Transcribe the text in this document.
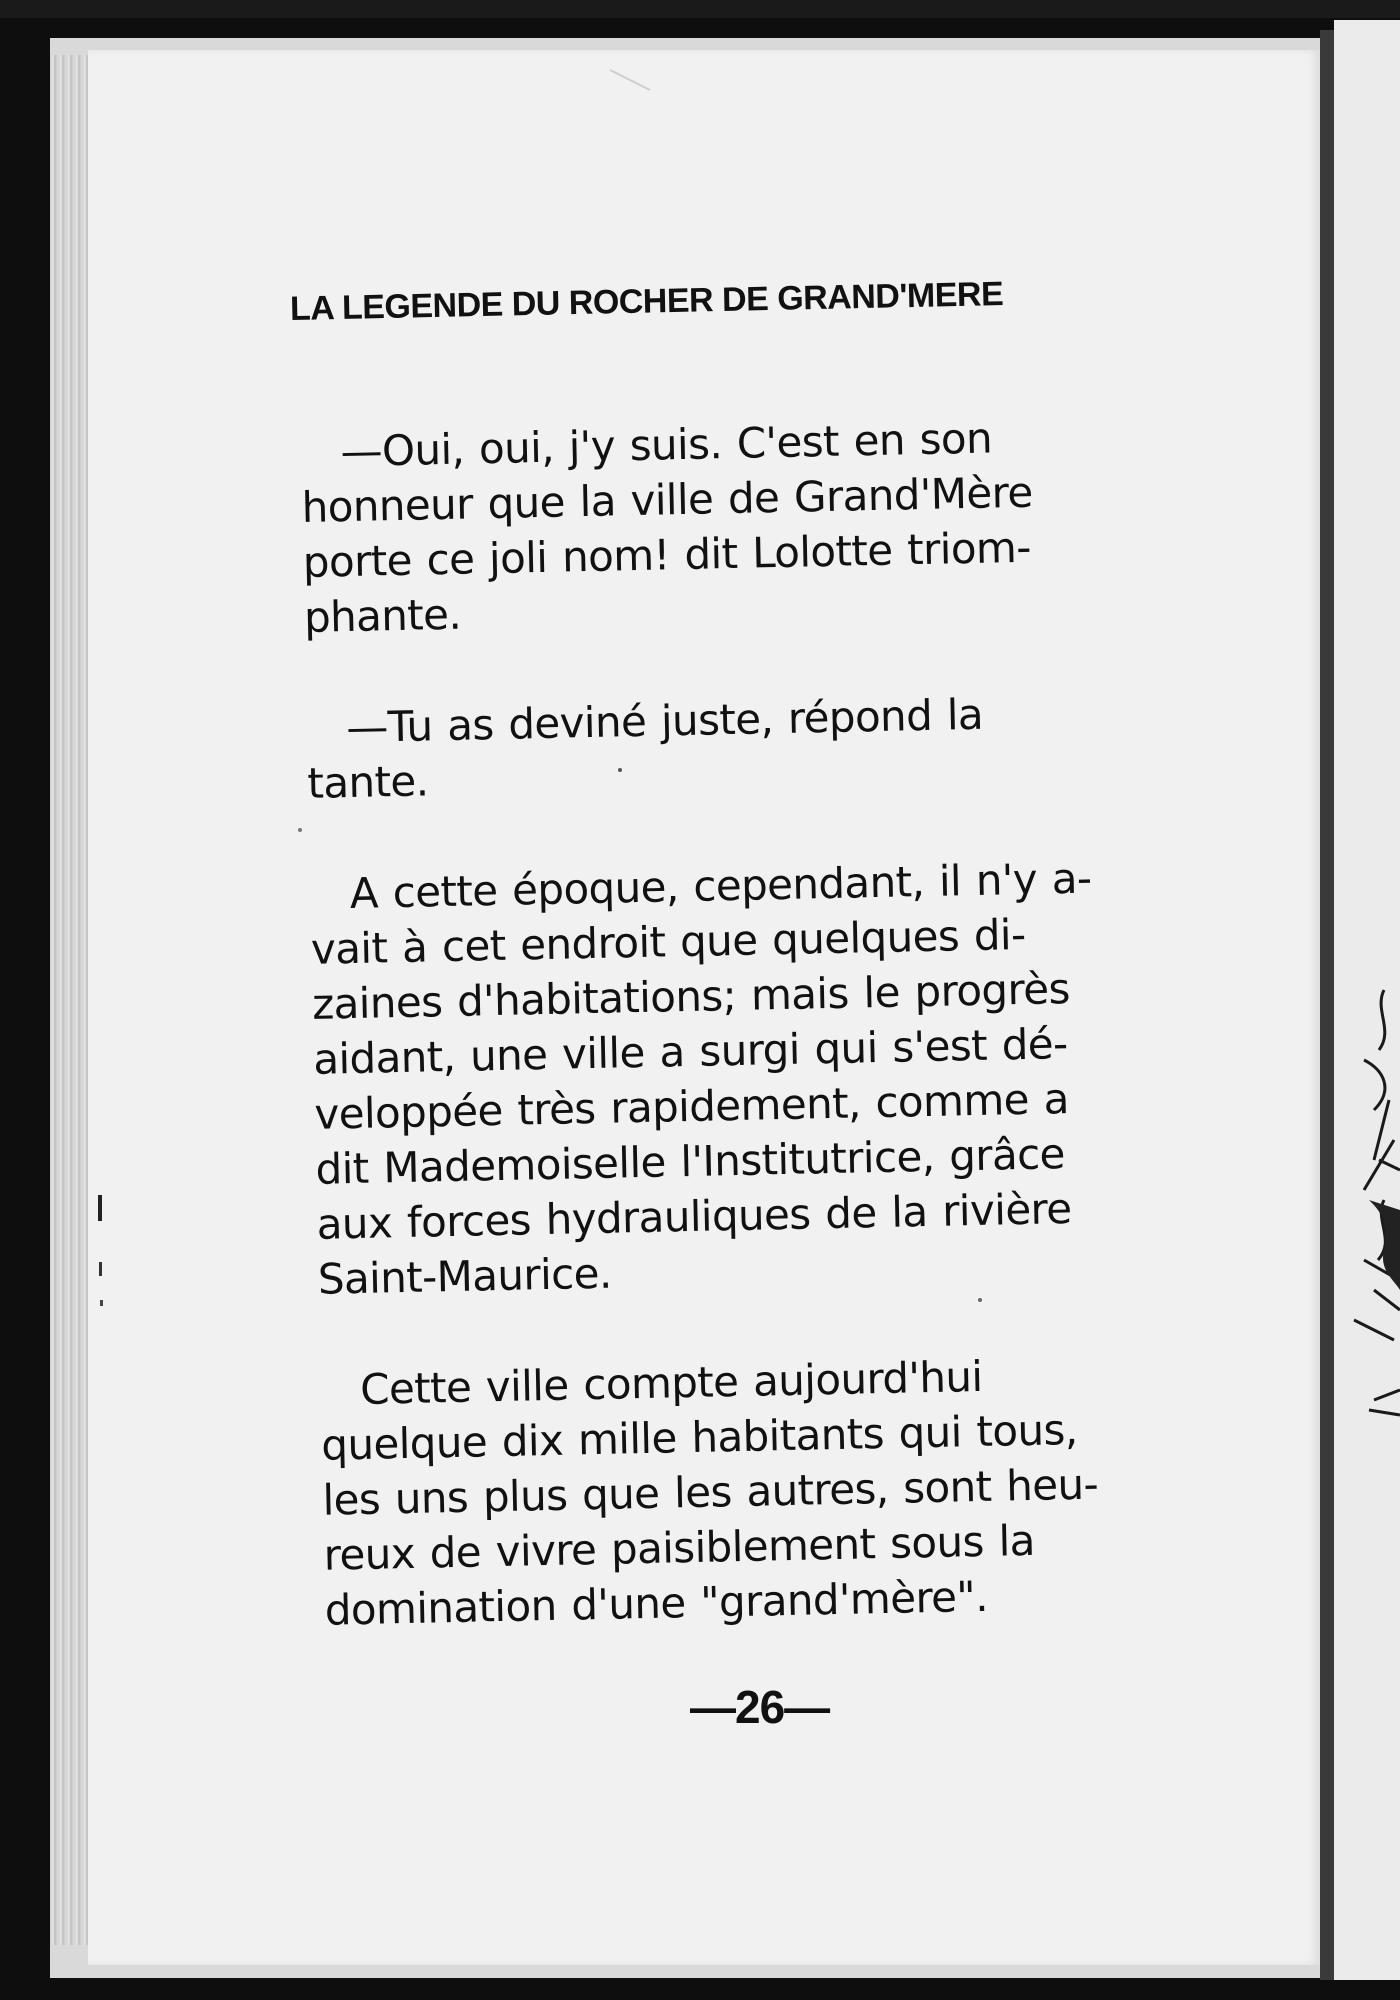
LA LEGENDE DU ROCHER DE GRAND'MERE

—Oui, oui, j'y suis. C'est en son
honneur que la ville de Grand'Mère
porte ce joli nom! dit Lolotte triom-
phante.

—Tu as deviné juste, répond la
tante.

A cette époque, cependant, il n'y a-
vait à cet endroit que quelques di-
zaines d'habitations; mais le progrès
aidant, une ville a surgi qui s'est dé-
veloppée très rapidement, comme a
dit Mademoiselle l'Institutrice, grâce
aux forces hydrauliques de la rivière
Saint-Maurice.

Cette ville compte aujourd'hui
quelque dix mille habitants qui tous,
les uns plus que les autres, sont heu-
reux de vivre paisiblement sous la
domination d'une "grand'mère".

—26—
